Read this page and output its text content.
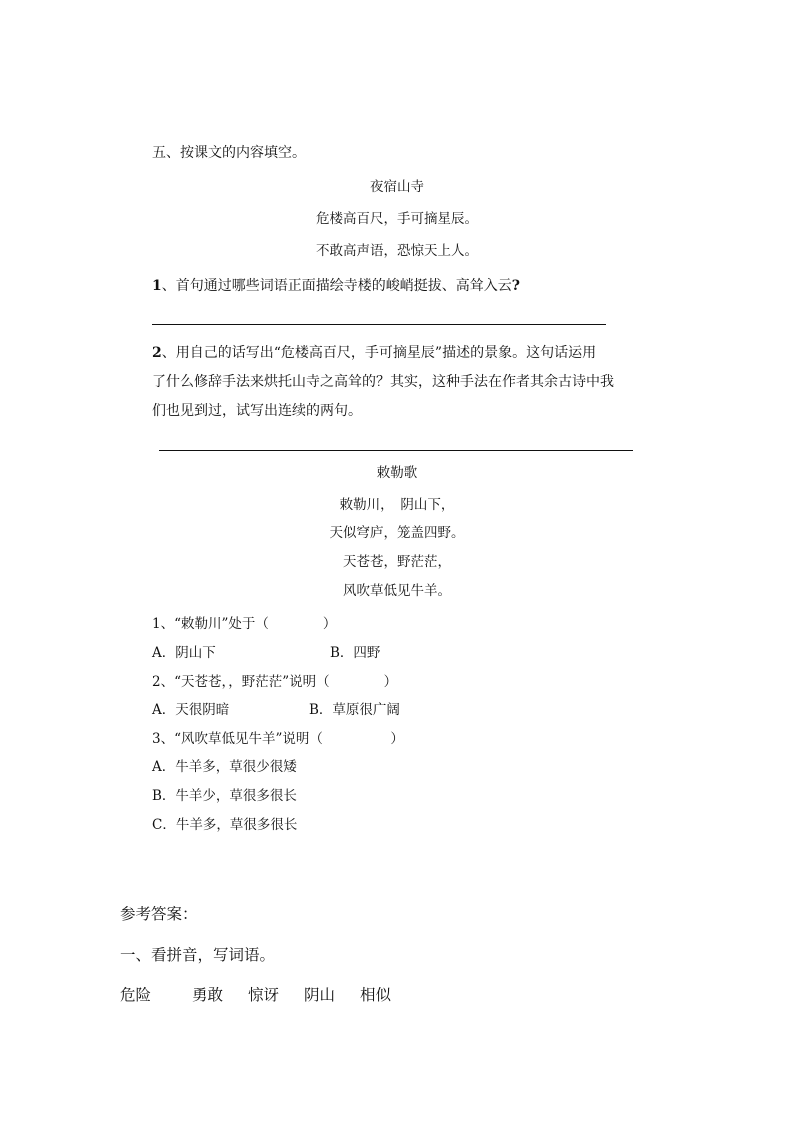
五、按课文的内容填空。
夜宿山寺
危楼高百尺，手可摘星辰。
不敢高声语，恐惊天上人。
1、首句通过哪些词语正面描绘寺楼的峻峭挺拔、高耸入云?
2、用自己的话写出“危楼高百尺，手可摘星辰”描述的景象。这句话运用
了什么修辞手法来烘托山寺之高耸的？其实，这种手法在作者其余古诗中我
们也见到过，试写出连续的两句。
敕勒歌
敕勒川，　阴山下，
天似穹庐，笼盖四野。
天苍苍，野茫茫，
风吹草低见牛羊。
1、“敕勒川”处于（　　　　）
A．阴山下	B．四野
2、“天苍苍，，野茫茫”说明（　　　　）
A．天很阴暗	B．草原很广阔
3、“风吹草低见牛羊”说明（　　　　　）
A．牛羊多，草很少很矮
B．牛羊少，草很多很长
C．牛羊多，草很多很长
参考答案：
一、看拼音，写词语。
危险	勇敢 惊讶 阴山 相似
